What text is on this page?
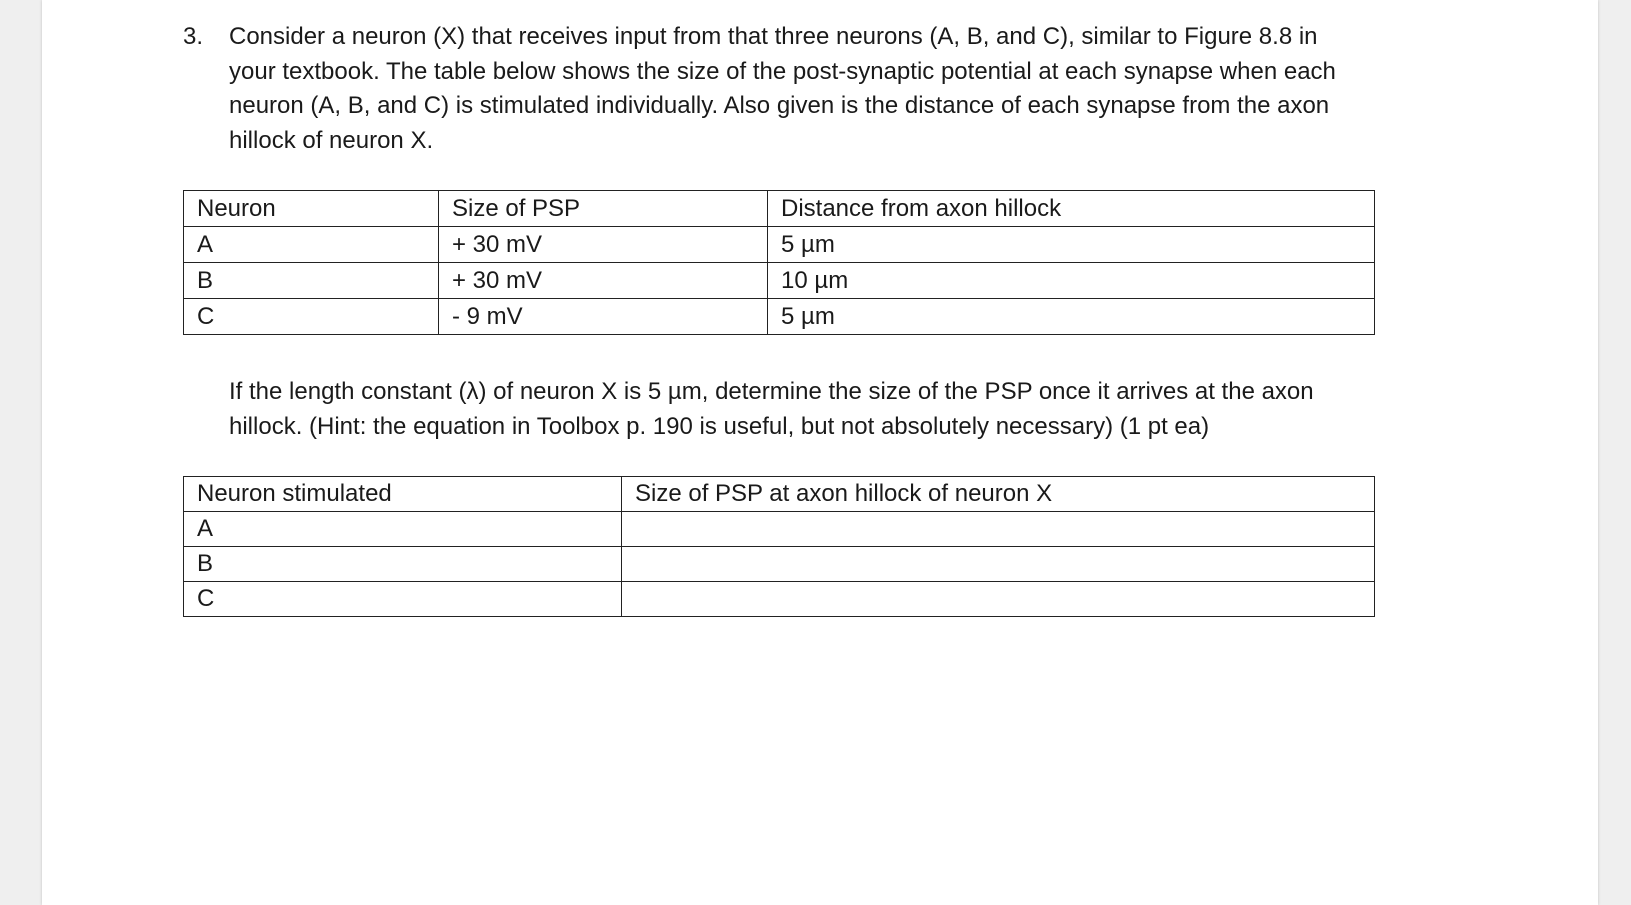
3. Consider a neuron (X) that receives input from that three neurons (A, B, and C), similar to Figure 8.8 in your textbook. The table below shows the size of the post-synaptic potential at each synapse when each neuron (A, B, and C) is stimulated individually. Also given is the distance of each synapse from the axon hillock of neuron X.
Neuron	Size of PSP	Distance from axon hillock
A	+ 30 mV	5 µm
B	+ 30 mV	10 µm
C	- 9 mV	5 µm
If the length constant (λ) of neuron X is 5 µm, determine the size of the PSP once it arrives at the axon hillock. (Hint: the equation in Toolbox p. 190 is useful, but not absolutely necessary) (1 pt ea)
Neuron stimulated	Size of PSP at axon hillock of neuron X
A	
B	
C	
